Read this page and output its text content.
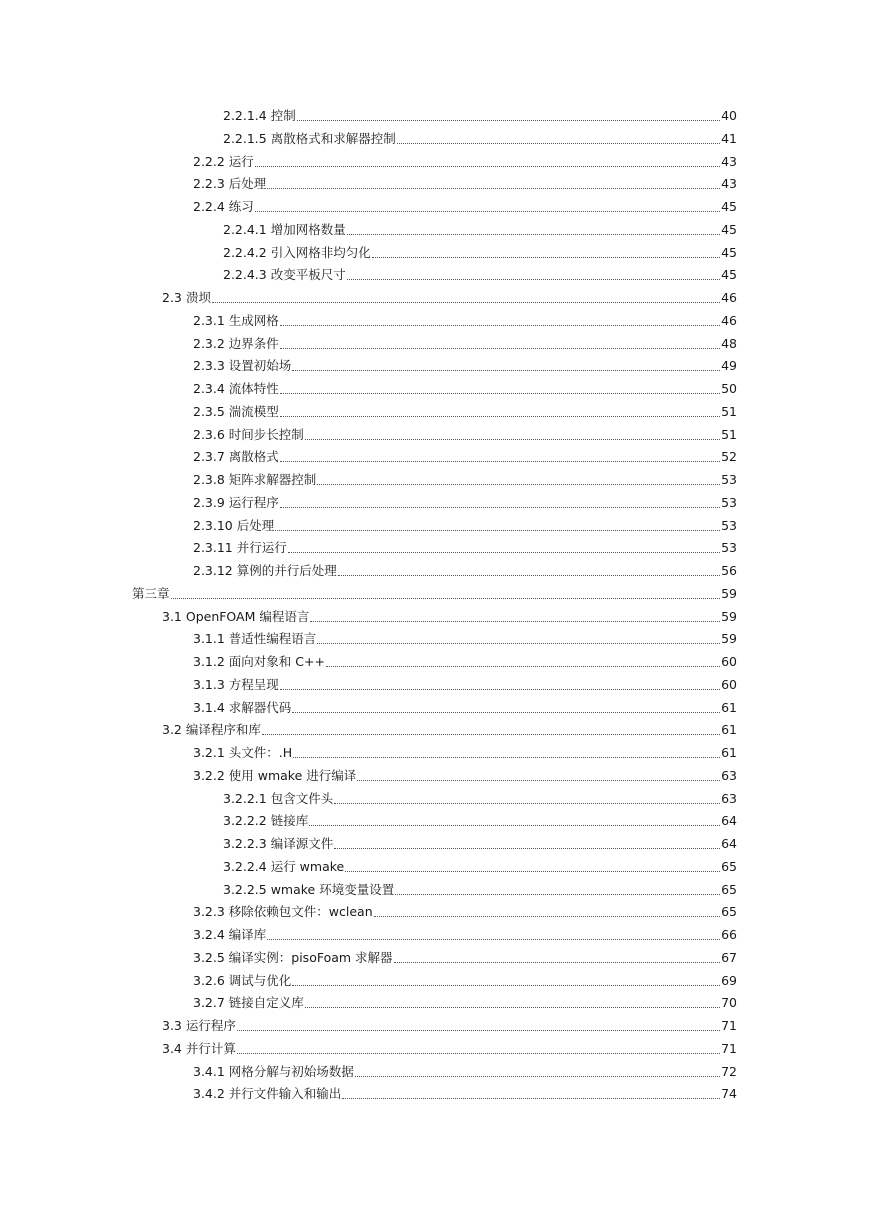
2.2.1.4 控制	40
2.2.1.5 离散格式和求解器控制	41
2.2.2 运行	43
2.2.3 后处理	43
2.2.4 练习	45
2.2.4.1 增加网格数量	45
2.2.4.2 引入网格非均匀化	45
2.2.4.3 改变平板尺寸	45
2.3 溃坝	46
2.3.1 生成网格	46
2.3.2 边界条件	48
2.3.3 设置初始场	49
2.3.4 流体特性	50
2.3.5 湍流模型	51
2.3.6 时间步长控制	51
2.3.7 离散格式	52
2.3.8 矩阵求解器控制	53
2.3.9 运行程序	53
2.3.10 后处理	53
2.3.11 并行运行	53
2.3.12 算例的并行后处理	56
第三章	59
3.1 OpenFOAM 编程语言	59
3.1.1 普适性编程语言	59
3.1.2 面向对象和 C++	60
3.1.3 方程呈现	60
3.1.4 求解器代码	61
3.2 编译程序和库	61
3.2.1 头文件：.H	61
3.2.2 使用 wmake 进行编译	63
3.2.2.1 包含文件头	63
3.2.2.2 链接库	64
3.2.2.3 编译源文件	64
3.2.2.4 运行 wmake	65
3.2.2.5 wmake 环境变量设置	65
3.2.3 移除依赖包文件：wclean	65
3.2.4 编译库	66
3.2.5 编译实例：pisoFoam 求解器	67
3.2.6 调试与优化	69
3.2.7 链接自定义库	70
3.3 运行程序	71
3.4 并行计算	71
3.4.1 网格分解与初始场数据	72
3.4.2 并行文件输入和输出	74
